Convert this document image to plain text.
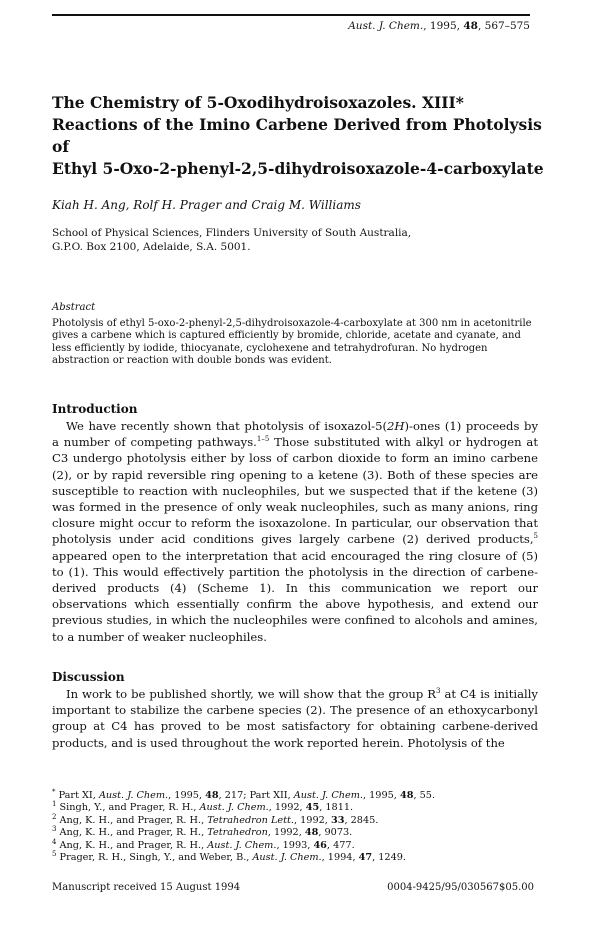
Aust. J. Chem., 1995, 48, 567–575
The Chemistry of 5-Oxodihydroisoxazoles. XIII*
Reactions of the Imino Carbene Derived from Photolysis of
Ethyl 5-Oxo-2-phenyl-2,5-dihydroisoxazole-4-carboxylate
Kiah H. Ang, Rolf H. Prager and Craig M. Williams
School of Physical Sciences, Flinders University of South Australia,
G.P.O. Box 2100, Adelaide, S.A. 5001.
Abstract

Photolysis of ethyl 5-oxo-2-phenyl-2,5-dihydroisoxazole-4-carboxylate at 300 nm in acetonitrile gives a carbene which is captured efficiently by bromide, chloride, acetate and cyanate, and less efficiently by iodide, thiocyanate, cyclohexene and tetrahydrofuran. No hydrogen abstraction or reaction with double bonds was evident.

Introduction

We have recently shown that photolysis of isoxazol-5(2H)-ones (1) proceeds by a number of competing pathways.$^{1-5}$ Those substituted with alkyl or hydrogen at C3 undergo photolysis either by loss of carbon dioxide to form an imino carbene (2), or by rapid reversible ring opening to a ketene (3). Both of these species are susceptible to reaction with nucleophiles, but we suspected that if the ketene (3) was formed in the presence of only weak nucleophiles, such as many anions, ring closure might occur to reform the isoxazolone. In particular, our observation that photolysis under acid conditions gives largely carbene (2) derived products,$^5$ appeared open to the interpretation that acid encouraged the ring closure of (5) to (1). This would effectively partition the photolysis in the direction of carbene-derived products (4) (Scheme 1). In this communication we report our observations which essentially confirm the above hypothesis, and extend our previous studies, in which the nucleophiles were confined to alcohols and amines, to a number of weaker nucleophiles.

Discussion

In work to be published shortly, we will show that the group $R^3$ at C4 is initially important to stabilize the carbene species (2). The presence of an ethoxycarbonyl group at C4 has proved to be most satisfactory for obtaining carbene-derived products, and is used throughout the work reported herein. Photolysis of the

* Part XI, Aust. J. Chem., 1995, 48, 217; Part XII, Aust. J. Chem., 1995, 48, 55.
$^1$ Singh, Y., and Prager, R. H., Aust. J. Chem., 1992, 45, 1811.
$^2$ Ang, K. H., and Prager, R. H., Tetrahedron Lett., 1992, 33, 2845.
$^3$ Ang, K. H., and Prager, R. H., Tetrahedron, 1992, 48, 9073.
$^4$ Ang, K. H., and Prager, R. H., Aust. J. Chem., 1993, 46, 477.
$^5$ Prager, R. H., Singh, Y., and Weber, B., Aust. J. Chem., 1994, 47, 1249.
Manuscript received 15 August 1994	0004-9425/95/030567$05.00
